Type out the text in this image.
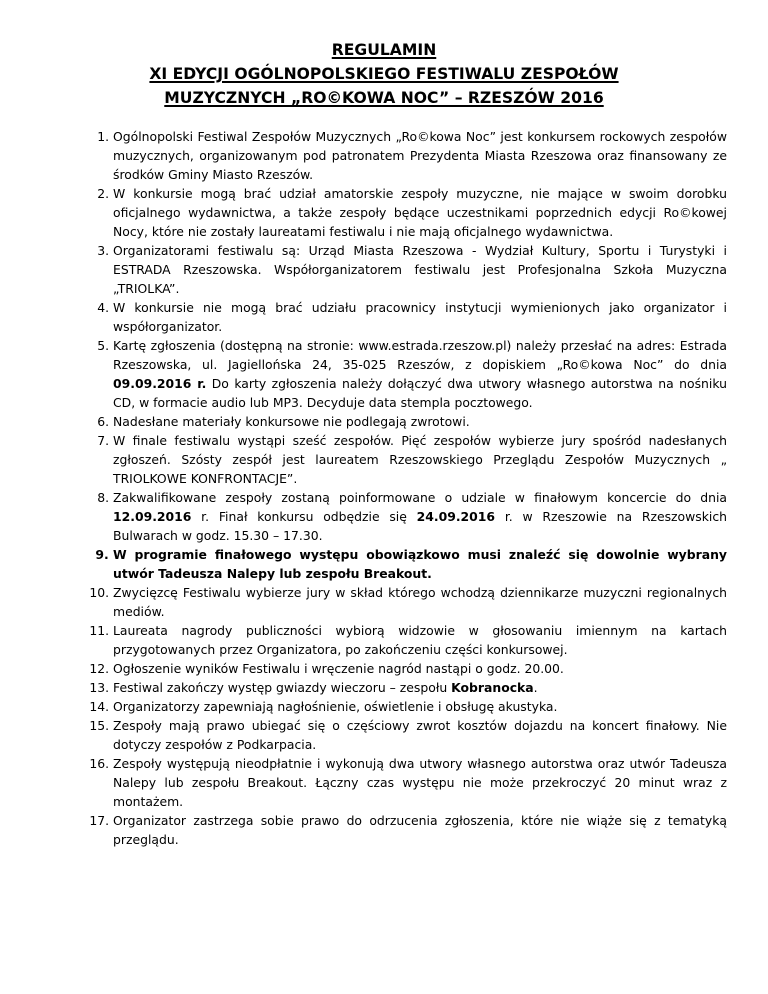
REGULAMIN
XI EDYCJI OGÓLNOPOLSKIEGO FESTIWALU ZESPOŁÓW
MUZYCZNYCH „RO©KOWA NOC” – RZESZÓW 2016
1. Ogólnopolski Festiwal Zespołów Muzycznych „Ro©kowa Noc” jest konkursem rockowych zespołów muzycznych, organizowanym pod patronatem Prezydenta Miasta Rzeszowa oraz finansowany ze środków Gminy Miasto Rzeszów.
2. W konkursie mogą brać udział amatorskie zespoły muzyczne, nie mające w swoim dorobku oficjalnego wydawnictwa, a także zespoły będące uczestnikami poprzednich edycji Ro©kowej Nocy, które nie zostały laureatami festiwalu i nie mają oficjalnego wydawnictwa.
3. Organizatorami festiwalu są: Urząd Miasta Rzeszowa - Wydział Kultury, Sportu i Turystyki i ESTRADA Rzeszowska. Współorganizatorem festiwalu jest Profesjonalna Szkoła Muzyczna „TRIOLKA”.
4. W konkursie nie mogą brać udziału pracownicy instytucji wymienionych jako organizator i współorganizator.
5. Kartę zgłoszenia (dostępną na stronie: www.estrada.rzeszow.pl) należy przesłać na adres: Estrada Rzeszowska, ul. Jagiellońska 24, 35-025 Rzeszów, z dopiskiem „Ro©kowa Noc” do dnia 09.09.2016 r. Do karty zgłoszenia należy dołączyć dwa utwory własnego autorstwa na nośniku CD, w formacie audio lub MP3. Decyduje data stempla pocztowego.
6. Nadesłane materiały konkursowe nie podlegają zwrotowi.
7. W finale festiwalu wystąpi sześć zespołów. Pięć zespołów wybierze jury spośród nadesłanych zgłoszeń. Szósty zespół jest laureatem Rzeszowskiego Przeglądu Zespołów Muzycznych „ TRIOLKOWE KONFRONTACJE”.
8. Zakwalifikowane zespoły zostaną poinformowane o udziale w finałowym koncercie do dnia 12.09.2016 r. Finał konkursu odbędzie się 24.09.2016 r. w Rzeszowie na Rzeszowskich Bulwarach w godz. 15.30 – 17.30.
9. W programie finałowego występu obowiązkowo musi znaleźć się dowolnie wybrany utwór Tadeusza Nalepy lub zespołu Breakout.
10. Zwycięzcę Festiwalu wybierze jury w skład którego wchodzą dziennikarze muzyczni regionalnych mediów.
11. Laureata nagrody publiczności wybiorą widzowie w głosowaniu imiennym na kartach przygotowanych przez Organizatora, po zakończeniu części konkursowej.
12. Ogłoszenie wyników Festiwalu i wręczenie nagród nastąpi o godz. 20.00.
13. Festiwal zakończy występ gwiazdy wieczoru – zespołu Kobranocka.
14. Organizatorzy zapewniają nagłośnienie, oświetlenie i obsługę akustyka.
15. Zespoły mają prawo ubiegać się o częściowy zwrot kosztów dojazdu na koncert finałowy. Nie dotyczy zespołów z Podkarpacia.
16. Zespoły występują nieodpłatnie i wykonują dwa utwory własnego autorstwa oraz utwór Tadeusza Nalepy lub zespołu Breakout. Łączny czas występu nie może przekroczyć 20 minut wraz z montażem.
17. Organizator zastrzega sobie prawo do odrzucenia zgłoszenia, które nie wiąże się z tematyką przeglądu.
